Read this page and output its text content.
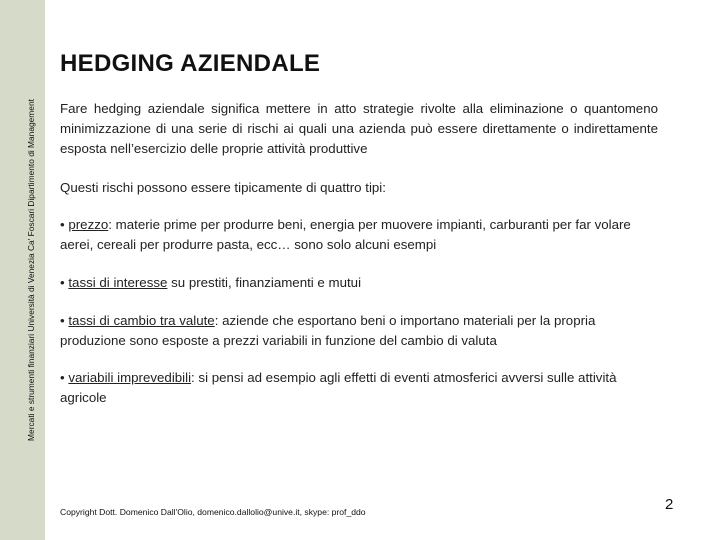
Mercati e strumenti finanziari Università di Venezia Ca' Foscari Dipartimento di Management
HEDGING AZIENDALE

Fare hedging aziendale significa mettere in atto strategie rivolte alla eliminazione o quantomeno minimizzazione di una serie di rischi ai quali una azienda può essere direttamente o indirettamente esposta nell’esercizio delle proprie attività produttive

Questi rischi possono essere tipicamente di quattro tipi:

• prezzo: materie prime per produrre beni, energia per muovere impianti, carburanti per far volare aerei, cereali per produrre pasta, ecc… sono solo alcuni esempi

• tassi di interesse su prestiti, finanziamenti e mutui

• tassi di cambio tra valute: aziende che esportano beni o importano materiali per la propria produzione sono esposte a prezzi variabili in funzione del cambio di valuta

• variabili imprevedibili: si pensi ad esempio agli effetti di eventi atmosferici avversi sulle attività agricole

Copyright Dott. Domenico Dall'Olio, domenico.dallolio@unive.it, skype: prof_ddo	2
